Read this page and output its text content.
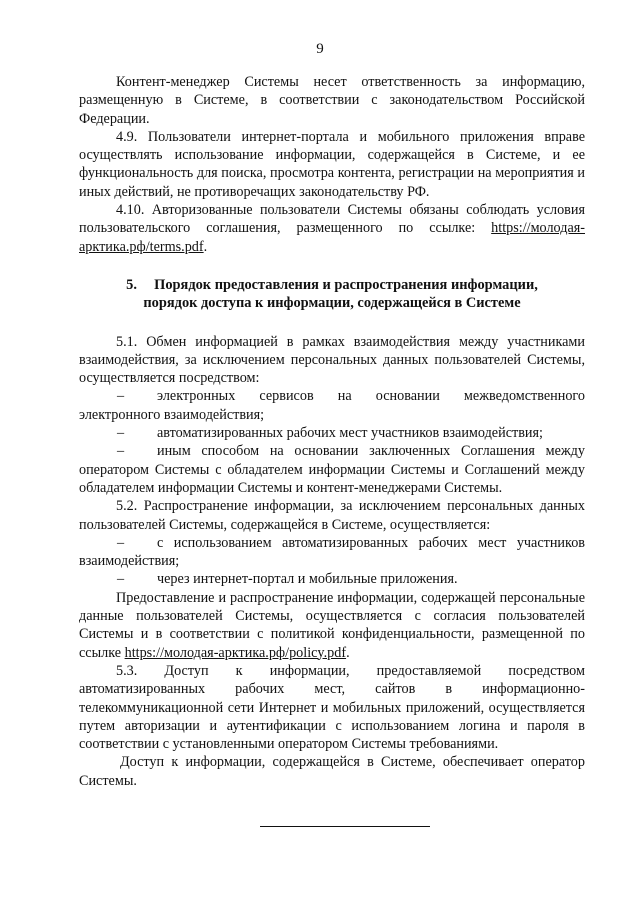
9

Контент-менеджер Системы несет ответственность за информацию, размещенную в Системе, в соответствии с законодательством Российской Федерации.

4.9. Пользователи интернет-портала и мобильного приложения вправе осуществлять использование информации, содержащейся в Системе, и ее функциональность для поиска, просмотра контента, регистрации на мероприятия и иных действий, не противоречащих законодательству РФ.

4.10. Авторизованные пользователи Системы обязаны соблюдать условия пользовательского соглашения, размещенного по ссылке: https://молодая-арктика.рф/terms.pdf.

5. Порядок предоставления и распространения информации,
порядок доступа к информации, содержащейся в Системе

5.1. Обмен информацией в рамках взаимодействия между участниками взаимодействия, за исключением персональных данных пользователей Системы, осуществляется посредством:

– электронных сервисов на основании межведомственного электронного взаимодействия;

– автоматизированных рабочих мест участников взаимодействия;

– иным способом на основании заключенных Соглашения между оператором Системы с обладателем информации Системы и Соглашений между обладателем информации Системы и контент-менеджерами Системы.

5.2. Распространение информации, за исключением персональных данных пользователей Системы, содержащейся в Системе, осуществляется:

– с использованием автоматизированных рабочих мест участников взаимодействия;

– через интернет-портал и мобильные приложения.

Предоставление и распространение информации, содержащей персональные данные пользователей Системы, осуществляется с согласия пользователей Системы и в соответствии с политикой конфиденциальности, размещенной по ссылке https://молодая-арктика.рф/policy.pdf.

5.3. Доступ к информации, предоставляемой посредством автоматизированных рабочих мест, сайтов в информационно-телекоммуникационной сети Интернет и мобильных приложений, осуществляется путем авторизации и аутентификации с использованием логина и пароля в соответствии с установленными оператором Системы требованиями.

Доступ к информации, содержащейся в Системе, обеспечивает оператор Системы.
